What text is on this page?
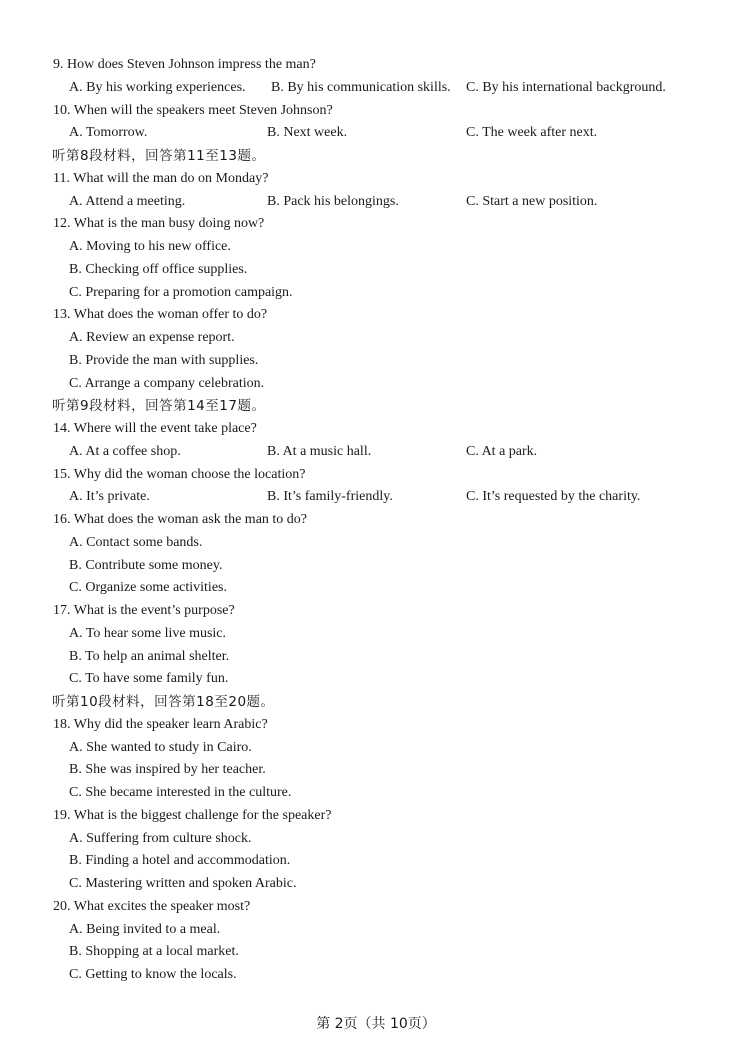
9. How does Steven Johnson impress the man?
A. By his working experiences. B. By his communication skills. C. By his international background.
10. When will the speakers meet Steven Johnson?
A. Tomorrow.	B. Next week.	C. The week after next.
听第8段材料，回答第11至13题。
11. What will the man do on Monday?
A. Attend a meeting.	B. Pack his belongings.	C. Start a new position.
12. What is the man busy doing now?
A. Moving to his new office.
B. Checking off office supplies.
C. Preparing for a promotion campaign.
13. What does the woman offer to do?
A. Review an expense report.
B. Provide the man with supplies.
C. Arrange a company celebration.
听第9段材料，回答第14至17题。
14. Where will the event take place?
A. At a coffee shop.	B. At a music hall.	C. At a park.
15. Why did the woman choose the location?
A. It’s private.	B. It’s family-friendly.	C. It’s requested by the charity.
16. What does the woman ask the man to do?
A. Contact some bands.
B. Contribute some money.
C. Organize some activities.
17. What is the event’s purpose?
A. To hear some live music.
B. To help an animal shelter.
C. To have some family fun.
听第10段材料，回答第18至20题。
18. Why did the speaker learn Arabic?
A. She wanted to study in Cairo.
B. She was inspired by her teacher.
C. She became interested in the culture.
19. What is the biggest challenge for the speaker?
A. Suffering from culture shock.
B. Finding a hotel and accommodation.
C. Mastering written and spoken Arabic.
20. What excites the speaker most?
A. Being invited to a meal.
B. Shopping at a local market.
C. Getting to know the locals.
第 2页（共 10页）
